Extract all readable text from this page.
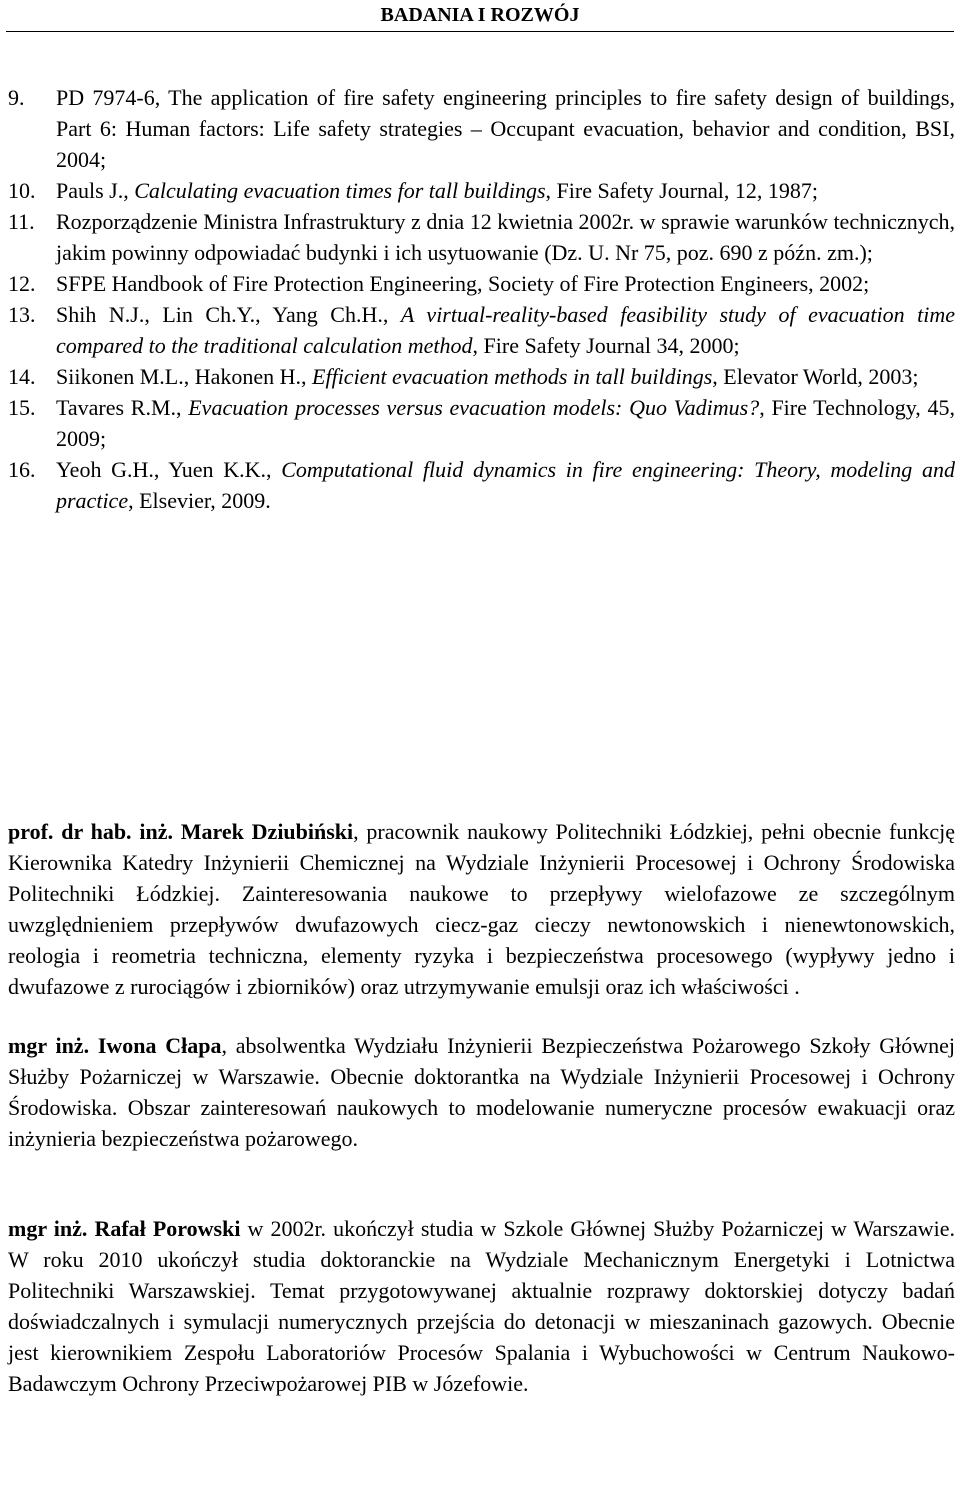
BADANIA I ROZWÓJ
9. PD 7974-6, The application of fire safety engineering principles to fire safety design of buildings, Part 6: Human factors: Life safety strategies – Occupant evacuation, behavior and condition, BSI, 2004;
10. Pauls J., Calculating evacuation times for tall buildings, Fire Safety Journal, 12, 1987;
11. Rozporządzenie Ministra Infrastruktury z dnia 12 kwietnia 2002r. w sprawie warunków technicznych, jakim powinny odpowiadać budynki i ich usytuowanie (Dz. U. Nr 75, poz. 690 z późn. zm.);
12. SFPE Handbook of Fire Protection Engineering, Society of Fire Protection Engineers, 2002;
13. Shih N.J., Lin Ch.Y., Yang Ch.H., A virtual-reality-based feasibility study of evacuation time compared to the traditional calculation method, Fire Safety Journal 34, 2000;
14. Siikonen M.L., Hakonen H., Efficient evacuation methods in tall buildings, Elevator World, 2003;
15. Tavares R.M., Evacuation processes versus evacuation models: Quo Vadimus?, Fire Technology, 45, 2009;
16. Yeoh G.H., Yuen K.K., Computational fluid dynamics in fire engineering: Theory, modeling and practice, Elsevier, 2009.

prof. dr hab. inż. Marek Dziubiński, pracownik naukowy Politechniki Łódzkiej, pełni obecnie funkcję Kierownika Katedry Inżynierii Chemicznej na Wydziale Inżynierii Procesowej i Ochrony Środowiska Politechniki Łódzkiej. Zainteresowania naukowe to przepływy wielofazowe ze szczególnym uwzględnieniem przepływów dwufazowych ciecz-gaz cieczy newtonowskich i nienewtonowskich, reologia i reometria techniczna, elementy ryzyka i bezpieczeństwa procesowego (wypływy jedno i dwufazowe z rurociągów i zbiorników) oraz utrzymywanie emulsji oraz ich właściwości .

mgr inż. Iwona Cłapa, absolwentka Wydziału Inżynierii Bezpieczeństwa Pożarowego Szkoły Głównej Służby Pożarniczej w Warszawie. Obecnie doktorantka na Wydziale Inżynierii Procesowej i Ochrony Środowiska. Obszar zainteresowań naukowych to modelowanie numeryczne procesów ewakuacji oraz inżynieria bezpieczeństwa pożarowego.

mgr inż. Rafał Porowski w 2002r. ukończył studia w Szkole Głównej Służby Pożarniczej w Warszawie. W roku 2010 ukończył studia doktoranckie na Wydziale Mechanicznym Energetyki i Lotnictwa Politechniki Warszawskiej. Temat przygotowywanej aktualnie rozprawy doktorskiej dotyczy badań doświadczalnych i symulacji numerycznych przejścia do detonacji w mieszaninach gazowych. Obecnie jest kierownikiem Zespołu Laboratoriów Procesów Spalania i Wybuchowości w Centrum Naukowo-Badawczym Ochrony Przeciwpożarowej PIB w Józefowie.
